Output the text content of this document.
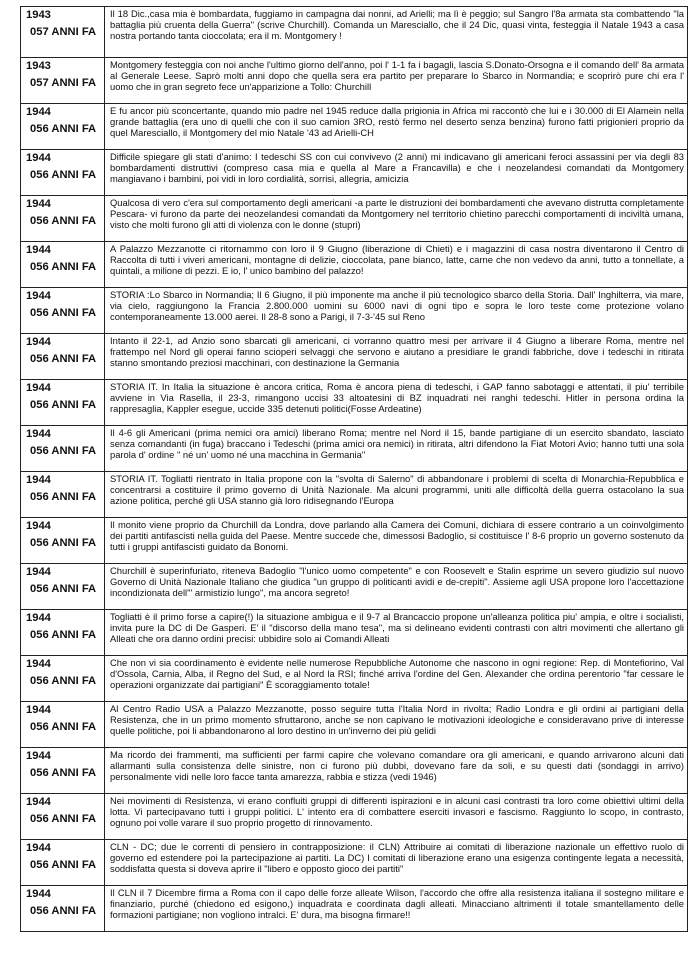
1943
057 ANNI FA	Il 18 Dic.,casa mia è bombardata, fuggiamo in campagna dai nonni, ad Arielli; ma lì è peggio; sul Sangro l'8a armata sta combattendo "la battaglia più cruenta della Guerra" (scrive Churchill). Comanda un Maresciallo, che il 24 Dic, quasi vinta, festeggia il Natale 1943 a casa nostra portando tanta cioccolata; era il m. Montgomery !

1943
057 ANNI FA	Montgomery festeggia con noi anche l'ultimo giorno dell'anno, poi l' 1-1 fa i bagagli, lascia S.Donato-Orsogna e il comando dell' 8a armata al Generale Leese. Saprò molti anni dopo che quella sera era partito per preparare lo Sbarco in Normandia; e scoprirò pure chi era l' uomo che in gran segreto fece un'apparizione a Tollo: Churchill

1944
056 ANNI FA	E fu ancor più sconcertante, quando mio padre nel 1945 reduce dalla prigionia in Africa mi raccontò che lui e i 30.000 di El Alamein nella grande battaglia (era uno di quelli che con il suo camion 3RO, restò fermo nel deserto senza benzina) furono fatti prigionieri proprio da quel Maresciallo, il Montgomery del mio Natale '43 ad Arielli-CH

1944
056 ANNI FA	Difficile spiegare gli stati d'animo: I tedeschi SS con cui convivevo (2 anni) mi indicavano gli americani feroci assassini per via degli 83 bombardamenti distruttivi (compreso casa mia e quella al Mare a Francavilla) e che i neozelandesi comandati da Montgomery mangiavano i bambini, poi vidi in loro cordialità, sorrisi, allegria, amicizia

1944
056 ANNI FA	Qualcosa di vero c'era sul comportamento degli americani -a parte le distruzioni dei bombardamenti che avevano distrutta completamente Pescara- vi furono da parte dei neozelandesi comandati da Montgomery nel territorio chietino parecchi comportamenti di inciviltà umana, visto che molti furono gli atti di violenza con le donne (stupri)

1944
056 ANNI FA	A Palazzo Mezzanotte ci ritornammo con loro il 9 Giugno (liberazione di Chieti) e i magazzini di casa nostra diventarono il Centro di Raccolta di tutti i viveri americani, montagne di delizie, cioccolata, pane bianco, latte, carne che non vedevo da anni, tutto a tonnellate, a quintali, a milione di pezzi. E io, l' unico bambino del palazzo!

1944
056 ANNI FA	STORIA :Lo Sbarco in Normandia; Il 6 Giugno, il più imponente ma anche il più tecnologico sbarco della Storia. Dall' Inghilterra, via mare, via cielo, raggiungono la Francia 2.800.000 uomini su 6000 navi di ogni tipo e sopra le loro teste come protezione volano contemporaneamente 13.000 aerei. Il 28-8 sono a Parigi, il 7-3-'45 sul Reno

1944
056 ANNI FA	Intanto il 22-1, ad Anzio sono sbarcati gli americani, ci vorranno quattro mesi per arrivare il 4 Giugno a liberare Roma, mentre nel frattempo nel Nord gli operai fanno scioperi selvaggi che servono e aiutano a presidiare le grandi fabbriche, dove i tedeschi in ritirata stanno smontando preziosi macchinari, con destinazione la Germania

1944
056 ANNI FA	STORIA IT. In Italia la situazione è ancora critica, Roma è ancora piena di tedeschi, i GAP fanno sabotaggi e attentati, il piu' terribile avviene in Via Rasella, il 23-3, rimangono uccisi 33 altoatesini di BZ inquadrati nei ranghi tedeschi. Hitler in persona ordina la rappresaglia, Kappler esegue, uccide 335 detenuti politici(Fosse Ardeatine)

1944
056 ANNI FA	Il 4-6 gli Americani (prima nemici ora amici) liberano Roma; mentre nel Nord il 15, bande partigiane di un esercito sbandato, lasciato senza comandanti (in fuga) braccano i Tedeschi (prima amici ora nemici) in ritirata, altri difendono la Fiat Motori Avio; hanno tutti una sola parola d' ordine " né un' uomo né una macchina in Germania"

1944
056 ANNI FA	STORIA IT. Togliatti rientrato in Italia propone con la "svolta di Salerno" di abbandonare i problemi di scelta di Monarchia-Repubblica e concentrarsi a costituire il primo governo di Unità Nazionale. Ma alcuni programmi, uniti alle difficoltà della guerra ostacolano la sua azione politica, perché gli USA stanno già loro ridisegnando l'Europa

1944
056 ANNI FA	Il monito viene proprio da Churchill da Londra, dove parlando alla Camera dei Comuni, dichiara di essere contrario a un coinvolgimento dei partiti antifascisti nella guida del Paese. Mentre succede che, dimessosi Badoglio, si costituisce l' 8-6 proprio un governo sostenuto da tutti i gruppi antifascisti guidato da Bonomi.

1944
056 ANNI FA	Churchill è superinfuriato, riteneva Badoglio "l'unico uomo competente" e con Roosevelt e Stalin esprime un severo giudizio sul nuovo Governo di Unità Nazionale Italiano che giudica "un gruppo di politicanti avidi e de-crepiti". Assieme agli USA propone loro l'accettazione incondizionata dell'" armistizio lungo", ma ancora segreto!

1944
056 ANNI FA	Togliatti è il primo forse a capire(!) la situazione ambigua e il 9-7 al Brancaccio propone un'alleanza politica piu' ampia, e oltre i socialisti, invita pure la DC di De Gasperi. E' il "discorso della mano tesa", ma si delineano evidenti contrasti con altri movimenti che allertano gli Alleati che ora danno ordini precisi: ubbidire solo ai Comandi Alleati

1944
056 ANNI FA	Che non vi sia coordinamento è evidente nelle numerose Repubbliche Autonome che nascono in ogni regione: Rep. di Montefiorino, Val d'Ossola, Carnia, Alba, il Regno del Sud, e al Nord la RSI; finché arriva l'ordine del Gen. Alexander che ordina perentorio "far cessare le operazioni organizzate dai partigiani" È scoraggiamento totale!

1944
056 ANNI FA	Al Centro Radio USA a Palazzo Mezzanotte, posso seguire tutta l'Italia Nord in rivolta; Radio Londra e gli ordini ai partigiani della Resistenza, che in un primo momento sfruttarono, anche se non capivano le motivazioni ideologiche e consideravano prive di interesse quelle politiche, poi li abbandonarono al loro destino in un'inverno dei più gelidi

1944
056 ANNI FA	Ma ricordo dei frammenti, ma sufficienti per farmi capire che volevano comandare ora gli americani, e quando arrivarono alcuni dati allarmanti sulla consistenza delle sinistre, non ci furono più dubbi, dovevano fare da soli, e su questi dati (sondaggi in arrivo) personalmente vidi nelle loro facce tanta amarezza, rabbia e stizza (vedi 1946)

1944
056 ANNI FA	Nei movimenti di Resistenza, vi erano confluiti gruppi di differenti ispirazioni e in alcuni casi contrasti tra loro come obiettivi ultimi della lotta. Vi partecipavano tutti i gruppi politici. L' intento era di combattere eserciti invasori e fascismo. Raggiunto lo scopo, in contrasto, ognuno poi volle varare il suo proprio progetto di rinnovamento.

1944
056 ANNI FA	CLN - DC; due le correnti di pensiero in contrapposizione: il CLN) Attribuire ai comitati di liberazione nazionale un effettivo ruolo di governo ed estendere poi la partecipazione ai partiti. La DC) I comitati di liberazione erano una esigenza contingente legata a necessità, soddisfatta questa si doveva aprire il "libero e opposto gioco dei partiti"

1944
056 ANNI FA	Il CLN il 7 Dicembre firma a Roma con il capo delle forze alleate Wilson, l'accordo che offre alla resistenza italiana il sostegno militare e finanziario, purché (chiedono ed esigono,) inquadrata e coordinata dagli alleati. Minacciano altrimenti il totale smantellamento delle formazioni partigiane; non vogliono intralci. E' dura, ma bisogna firmare!!
